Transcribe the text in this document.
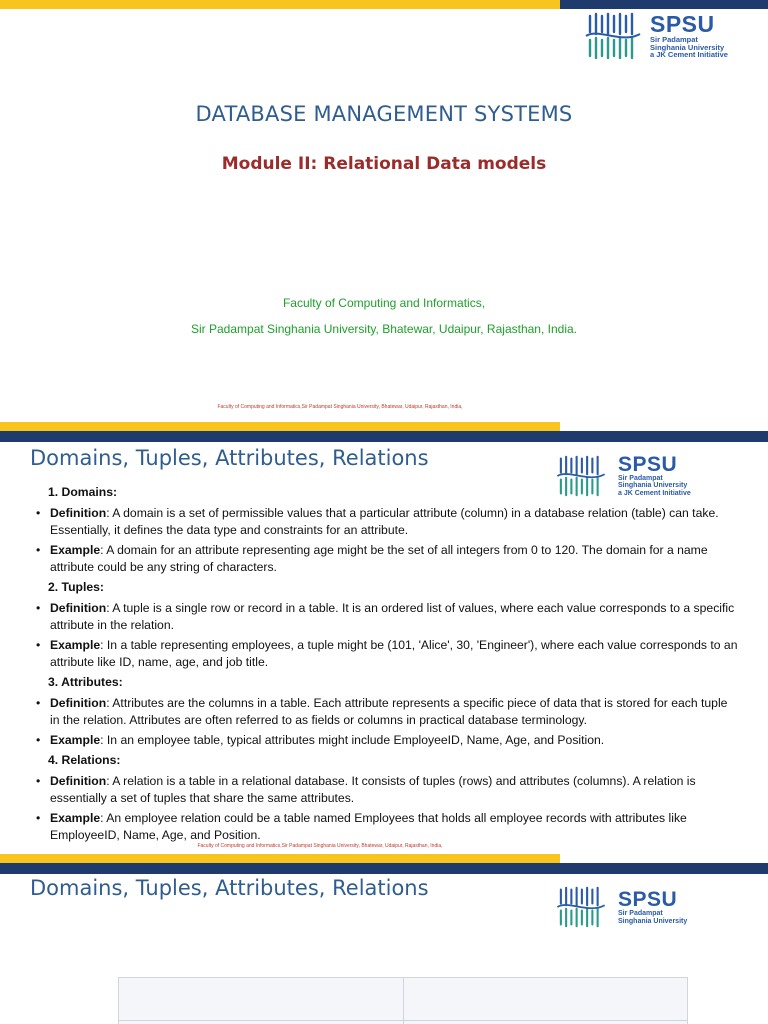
SPSU
Sir Padampat
Singhania University
a JK Cement Initiative
DATABASE MANAGEMENT SYSTEMS
Module II: Relational Data models
Faculty of Computing and Informatics,
Sir Padampat Singhania University, Bhatewar, Udaipur, Rajasthan, India.
Faculty of Computing and Informatics,Sir Padampat Singhania University, Bhatewar, Udaipur, Rajasthan, India,
Domains, Tuples, Attributes, Relations	SPSU
Sir Padampat
Singhania University
a JK Cement Initiative
1. Domains:
• Definition: A domain is a set of permissible values that a particular attribute (column) in a database relation (table) can take. Essentially, it defines the data type and constraints for an attribute.
• Example: A domain for an attribute representing age might be the set of all integers from 0 to 120. The domain for a name attribute could be any string of characters.
2. Tuples:
• Definition: A tuple is a single row or record in a table. It is an ordered list of values, where each value corresponds to a specific attribute in the relation.
• Example: In a table representing employees, a tuple might be (101, 'Alice', 30, 'Engineer'), where each value corresponds to an attribute like ID, name, age, and job title.
3. Attributes:
• Definition: Attributes are the columns in a table. Each attribute represents a specific piece of data that is stored for each tuple in the relation. Attributes are often referred to as fields or columns in practical database terminology.
• Example: In an employee table, typical attributes might include EmployeeID, Name, Age, and Position.
4. Relations:
• Definition: A relation is a table in a relational database. It consists of tuples (rows) and attributes (columns). A relation is essentially a set of tuples that share the same attributes.
• Example: An employee relation could be a table named Employees that holds all employee records with attributes like EmployeeID, Name, Age, and Position.
Faculty of Computing and Informatics,Sir Padampat Singhania University, Bhatewar, Udaipur, Rajasthan, India,
Domains, Tuples, Attributes, Relations	SPSU
Sir Padampat
Singhania University
